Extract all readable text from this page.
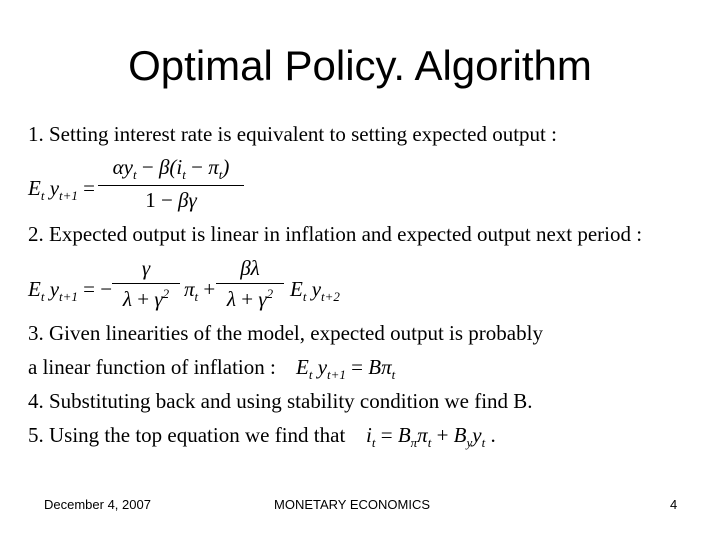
Optimal Policy. Algorithm
1. Setting interest rate is equivalent to setting expected output :
$E_t$ $y_{t+1}$ =
$\alpha y_t - \beta(i_t - \pi_t)$
1 − βγ
2. Expected output is linear in inflation and expected output next period :
$E_t$ $y_{t+1}$ = −
γ
$\lambda + \gamma^2$ $\pi_t$ +
βλ
$\lambda + \gamma^2$ $E_t$ $y_{t+2}$
3. Given linearities of the model, expected output is probably
a linear function of inflation : $E_t$ $y_{t+1} = B\pi_t$
4. Substituting back and using stability condition we find B.
5. Using the top equation we find that $i_t = B_\pi\pi_t + B_yy_t$ .
December 4, 2007	MONETARY ECONOMICS	4
